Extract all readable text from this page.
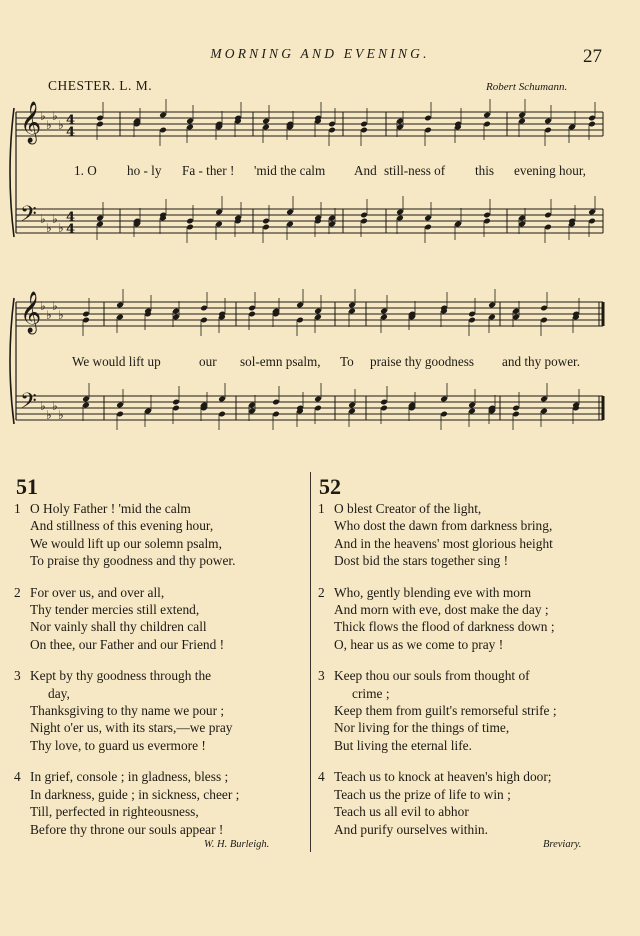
MORNING AND EVENING.	27
CHESTER. L. M.	Robert Schumann.
𝄞
♭
♭
♭
♭
𝄢 ♭
♭
♭
♭
4
4
4
4
𝄞
♭
♭
♭
♭
𝄢 ♭
♭
♭
♭
1. O ho - ly Fa - ther ! 'mid the calm And still-ness of this evening hour,
We would lift up	our sol-emn psalm, To praise thy goodness and thy power.
51
1 O Holy Father ! 'mid the calm
And stillness of this evening hour,
We would lift up our solemn psalm,
To praise thy goodness and thy power.
2 For over us, and over all,
Thy tender mercies still extend,
Nor vainly shall thy children call
On thee, our Father and our Friend !
3 Kept by thy goodness through the
day,
Thanksgiving to thy name we pour ;
Night o'er us, with its stars,—we pray
Thy love, to guard us evermore !
4 In grief, console ; in gladness, bless ;
In darkness, guide ; in sickness, cheer ;
Till, perfected in righteousness,
Before thy throne our souls appear !
W. H. Burleigh.
52
1 O blest Creator of the light,
Who dost the dawn from darkness bring,
And in the heavens' most glorious height
Dost bid the stars together sing !
2 Who, gently blending eve with morn
And morn with eve, dost make the day ;
Thick flows the flood of darkness down ;
O, hear us as we come to pray !
3 Keep thou our souls from thought of
crime ;
Keep them from guilt's remorseful strife ;
Nor living for the things of time,
But living the eternal life.
4 Teach us to knock at heaven's high door;
Teach us the prize of life to win ;
Teach us all evil to abhor
And purify ourselves within.
Breviary.
